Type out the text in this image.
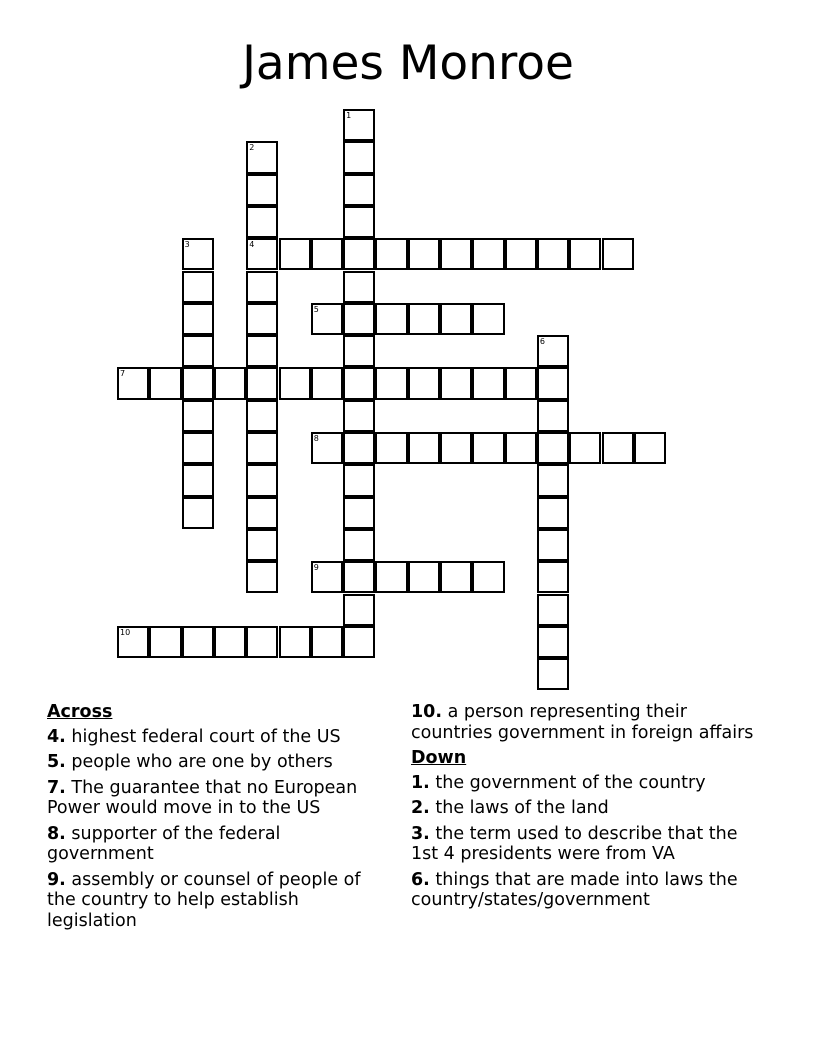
James Monroe
1
2
4
3
5
6
7
8
9
10
Across
4. highest federal court of the US
5. people who are one by others
7. The guarantee that no European Power would move in to the US
8. supporter of the federal government
9. assembly or counsel of people of the country to help establish legislation
10. a person representing their countries government in foreign affairs
Down
1. the government of the country
2. the laws of the land
3. the term used to describe that the 1st 4 presidents were from VA
6. things that are made into laws the country/states/government
